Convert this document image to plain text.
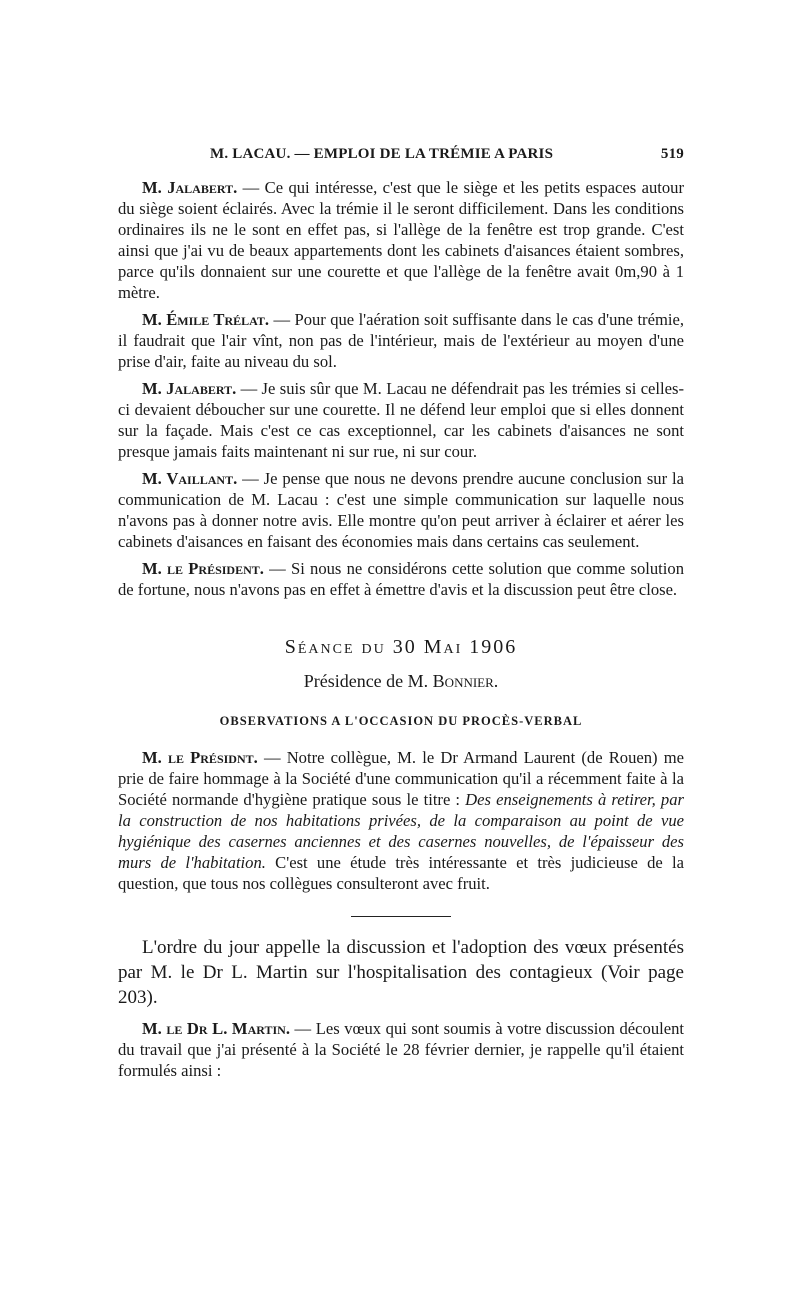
M. LACAU. — EMPLOI DE LA TRÉMIE A PARIS	519

M. Jalabert. — Ce qui intéresse, c'est que le siège et les petits espaces autour du siège soient éclairés. Avec la trémie il le seront difficilement. Dans les conditions ordinaires ils ne le sont en effet pas, si l'allège de la fenêtre est trop grande. C'est ainsi que j'ai vu de beaux appartements dont les cabinets d'aisances étaient sombres, parce qu'ils donnaient sur une courette et que l'allège de la fenêtre avait 0m,90 à 1 mètre.

M. Émile Trélat. — Pour que l'aération soit suffisante dans le cas d'une trémie, il faudrait que l'air vînt, non pas de l'intérieur, mais de l'extérieur au moyen d'une prise d'air, faite au niveau du sol.

M. Jalabert. — Je suis sûr que M. Lacau ne défendrait pas les trémies si celles-ci devaient déboucher sur une courette. Il ne défend leur emploi que si elles donnent sur la façade. Mais c'est ce cas exceptionnel, car les cabinets d'aisances ne sont presque jamais faits maintenant ni sur rue, ni sur cour.

M. Vaillant. — Je pense que nous ne devons prendre aucune conclusion sur la communication de M. Lacau : c'est une simple communication sur laquelle nous n'avons pas à donner notre avis. Elle montre qu'on peut arriver à éclairer et aérer les cabinets d'aisances en faisant des économies mais dans certains cas seulement.

M. le Président. — Si nous ne considérons cette solution que comme solution de fortune, nous n'avons pas en effet à émettre d'avis et la discussion peut être close.

Séance du 30 Mai 1906
Présidence de M. Bonnier.
OBSERVATIONS A L'OCCASION DU PROCÈS-VERBAL

M. le Présidnt. — Notre collègue, M. le Dr Armand Laurent (de Rouen) me prie de faire hommage à la Société d'une communication qu'il a récemment faite à la Société normande d'hygiène pratique sous le titre : Des enseignements à retirer, par la construction de nos habitations privées, de la comparaison au point de vue hygiénique des casernes anciennes et des casernes nouvelles, de l'épaisseur des murs de l'habitation. C'est une étude très intéressante et très judicieuse de la question, que tous nos collègues consulteront avec fruit.

L'ordre du jour appelle la discussion et l'adoption des vœux présentés par M. le Dr L. Martin sur l'hospitalisation des contagieux (Voir page 203).

M. le Dr L. Martin. — Les vœux qui sont soumis à votre discussion découlent du travail que j'ai présenté à la Société le 28 février dernier, je rappelle qu'il étaient formulés ainsi :
